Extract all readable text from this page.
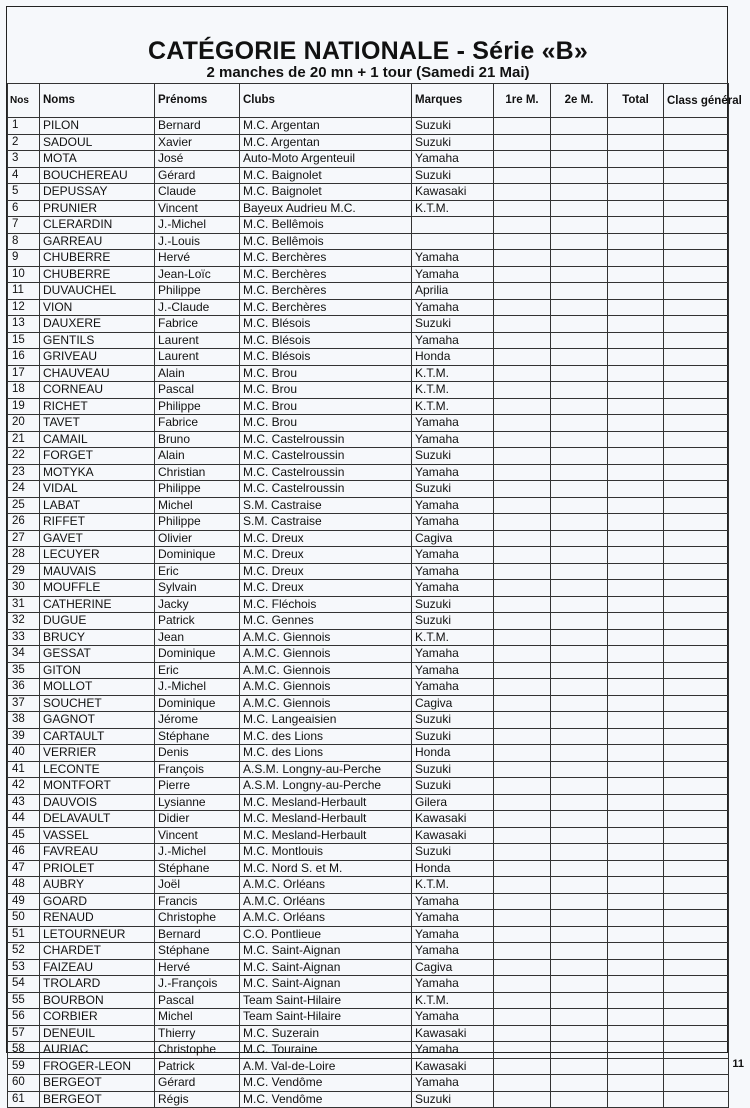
CATÉGORIE NATIONALE - Série «B»
2 manches de 20 mn + 1 tour (Samedi 21 Mai)
Nos	Noms	Prénoms	Clubs	Marques	1re M.	2e M.	Total	Class général
1	PILON	Bernard	M.C. Argentan	Suzuki				
2	SADOUL	Xavier	M.C. Argentan	Suzuki				
3	MOTA	José	Auto-Moto Argenteuil	Yamaha				
4	BOUCHEREAU	Gérard	M.C. Baignolet	Suzuki				
5	DEPUSSAY	Claude	M.C. Baignolet	Kawasaki				
6	PRUNIER	Vincent	Bayeux Audrieu M.C.	K.T.M.				
7	CLERARDIN	J.-Michel	M.C. Bellêmois					
8	GARREAU	J.-Louis	M.C. Bellêmois					
9	CHUBERRE	Hervé	M.C. Berchères	Yamaha				
10	CHUBERRE	Jean-Loïc	M.C. Berchères	Yamaha				
11	DUVAUCHEL	Philippe	M.C. Berchères	Aprilia				
12	VION	J.-Claude	M.C. Berchères	Yamaha				
13	DAUXERE	Fabrice	M.C. Blésois	Suzuki				
15	GENTILS	Laurent	M.C. Blésois	Yamaha				
16	GRIVEAU	Laurent	M.C. Blésois	Honda				
17	CHAUVEAU	Alain	M.C. Brou	K.T.M.				
18	CORNEAU	Pascal	M.C. Brou	K.T.M.				
19	RICHET	Philippe	M.C. Brou	K.T.M.				
20	TAVET	Fabrice	M.C. Brou	Yamaha				
21	CAMAIL	Bruno	M.C. Castelroussin	Yamaha				
22	FORGET	Alain	M.C. Castelroussin	Suzuki				
23	MOTYKA	Christian	M.C. Castelroussin	Yamaha				
24	VIDAL	Philippe	M.C. Castelroussin	Suzuki				
25	LABAT	Michel	S.M. Castraise	Yamaha				
26	RIFFET	Philippe	S.M. Castraise	Yamaha				
27	GAVET	Olivier	M.C. Dreux	Cagiva				
28	LECUYER	Dominique	M.C. Dreux	Yamaha				
29	MAUVAIS	Eric	M.C. Dreux	Yamaha				
30	MOUFFLE	Sylvain	M.C. Dreux	Yamaha				
31	CATHERINE	Jacky	M.C. Fléchois	Suzuki				
32	DUGUE	Patrick	M.C. Gennes	Suzuki				
33	BRUCY	Jean	A.M.C. Giennois	K.T.M.				
34	GESSAT	Dominique	A.M.C. Giennois	Yamaha				
35	GITON	Eric	A.M.C. Giennois	Yamaha				
36	MOLLOT	J.-Michel	A.M.C. Giennois	Yamaha				
37	SOUCHET	Dominique	A.M.C. Giennois	Cagiva				
38	GAGNOT	Jérome	M.C. Langeaisien	Suzuki				
39	CARTAULT	Stéphane	M.C. des Lions	Suzuki				
40	VERRIER	Denis	M.C. des Lions	Honda				
41	LECONTE	François	A.S.M. Longny-au-Perche	Suzuki				
42	MONTFORT	Pierre	A.S.M. Longny-au-Perche	Suzuki				
43	DAUVOIS	Lysianne	M.C. Mesland-Herbault	Gilera				
44	DELAVAULT	Didier	M.C. Mesland-Herbault	Kawasaki				
45	VASSEL	Vincent	M.C. Mesland-Herbault	Kawasaki				
46	FAVREAU	J.-Michel	M.C. Montlouis	Suzuki				
47	PRIOLET	Stéphane	M.C. Nord S. et M.	Honda				
48	AUBRY	Joël	A.M.C. Orléans	K.T.M.				
49	GOARD	Francis	A.M.C. Orléans	Yamaha				
50	RENAUD	Christophe	A.M.C. Orléans	Yamaha				
51	LETOURNEUR	Bernard	C.O. Pontlieue	Yamaha				
52	CHARDET	Stéphane	M.C. Saint-Aignan	Yamaha				
53	FAIZEAU	Hervé	M.C. Saint-Aignan	Cagiva				
54	TROLARD	J.-François	M.C. Saint-Aignan	Yamaha				
55	BOURBON	Pascal	Team Saint-Hilaire	K.T.M.				
56	CORBIER	Michel	Team Saint-Hilaire	Yamaha				
57	DENEUIL	Thierry	M.C. Suzerain	Kawasaki				
58	AURIAC	Christophe	M.C. Touraine	Yamaha				
59	FROGER-LEON	Patrick	A.M. Val-de-Loire	Kawasaki				
60	BERGEOT	Gérard	M.C. Vendôme	Yamaha				
61	BERGEOT	Régis	M.C. Vendôme	Suzuki				
11
